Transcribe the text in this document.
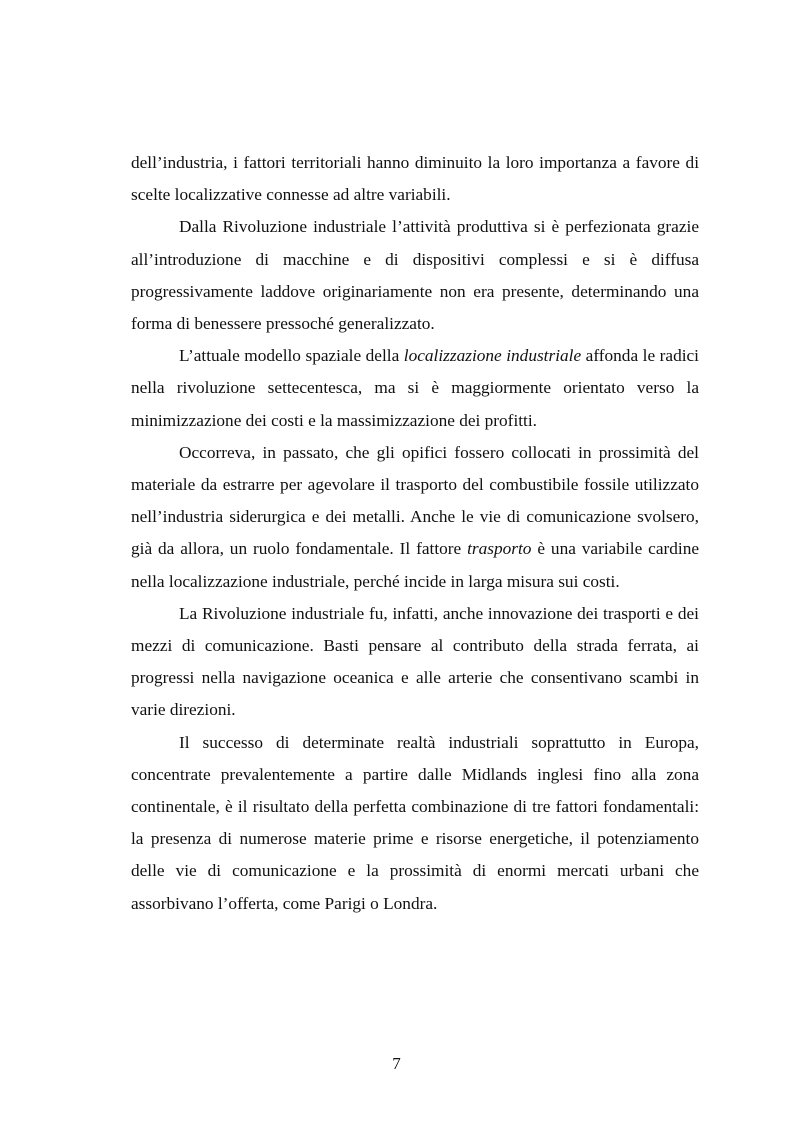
dell’industria, i fattori territoriali hanno diminuito la loro importanza a favore di scelte localizzative connesse ad altre variabili.

Dalla Rivoluzione industriale l’attività produttiva si è perfezionata grazie all’introduzione di macchine e di dispositivi complessi e si è diffusa progressivamente laddove originariamente non era presente, determinando una forma di benessere pressoché generalizzato.

L’attuale modello spaziale della localizzazione industriale affonda le radici nella rivoluzione settecentesca, ma si è maggiormente orientato verso la minimizzazione dei costi e la massimizzazione dei profitti.

Occorreva, in passato, che gli opifici fossero collocati in prossimità del materiale da estrarre per agevolare il trasporto del combustibile fossile utilizzato nell’industria siderurgica e dei metalli. Anche le vie di comunicazione svolsero, già da allora, un ruolo fondamentale. Il fattore trasporto è una variabile cardine nella localizzazione industriale, perché incide in larga misura sui costi.

La Rivoluzione industriale fu, infatti, anche innovazione dei trasporti e dei mezzi di comunicazione. Basti pensare al contributo della strada ferrata, ai progressi nella navigazione oceanica e alle arterie che consentivano scambi in varie direzioni.

Il successo di determinate realtà industriali soprattutto in Europa, concentrate prevalentemente a partire dalle Midlands inglesi fino alla zona continentale, è il risultato della perfetta combinazione di tre fattori fondamentali: la presenza di numerose materie prime e risorse energetiche, il potenziamento delle vie di comunicazione e la prossimità di enormi mercati urbani che assorbivano l’offerta, come Parigi o Londra.

7
